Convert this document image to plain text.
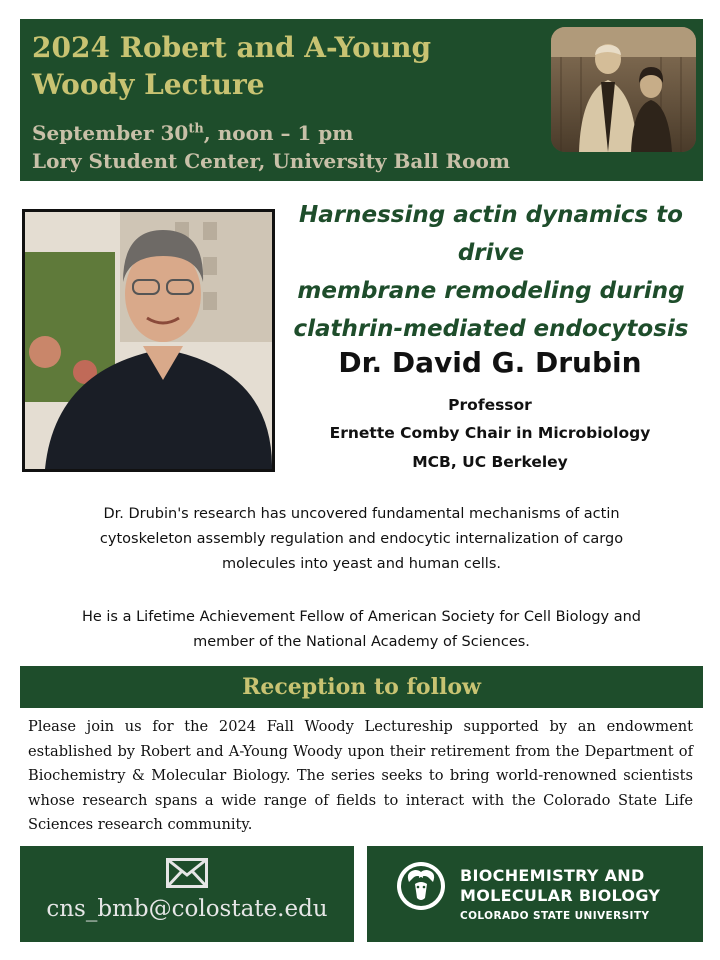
2024 Robert and A-Young
Woody Lecture
September 30th, noon – 1 pm
Lory Student Center, University Ball Room
Harnessing actin dynamics to drive
membrane remodeling during
clathrin-mediated endocytosis
Dr. David G. Drubin
Professor
Ernette Comby Chair in Microbiology
MCB, UC Berkeley
Dr. Drubin's research has uncovered fundamental mechanisms of actin
cytoskeleton assembly regulation and endocytic internalization of cargo
molecules into yeast and human cells.
He is a Lifetime Achievement Fellow of American Society for Cell Biology and
member of the National Academy of Sciences.
Reception to follow
Please join us for the 2024 Fall Woody Lectureship supported by an endowment established by Robert and A-Young Woody upon their retirement from the Department of Biochemistry & Molecular Biology. The series seeks to bring world-renowned scientists whose research spans a wide range of fields to interact with the Colorado State Life Sciences research community.
cns_bmb@colostate.edu
BIOCHEMISTRY AND
MOLECULAR BIOLOGY
COLORADO STATE UNIVERSITY
